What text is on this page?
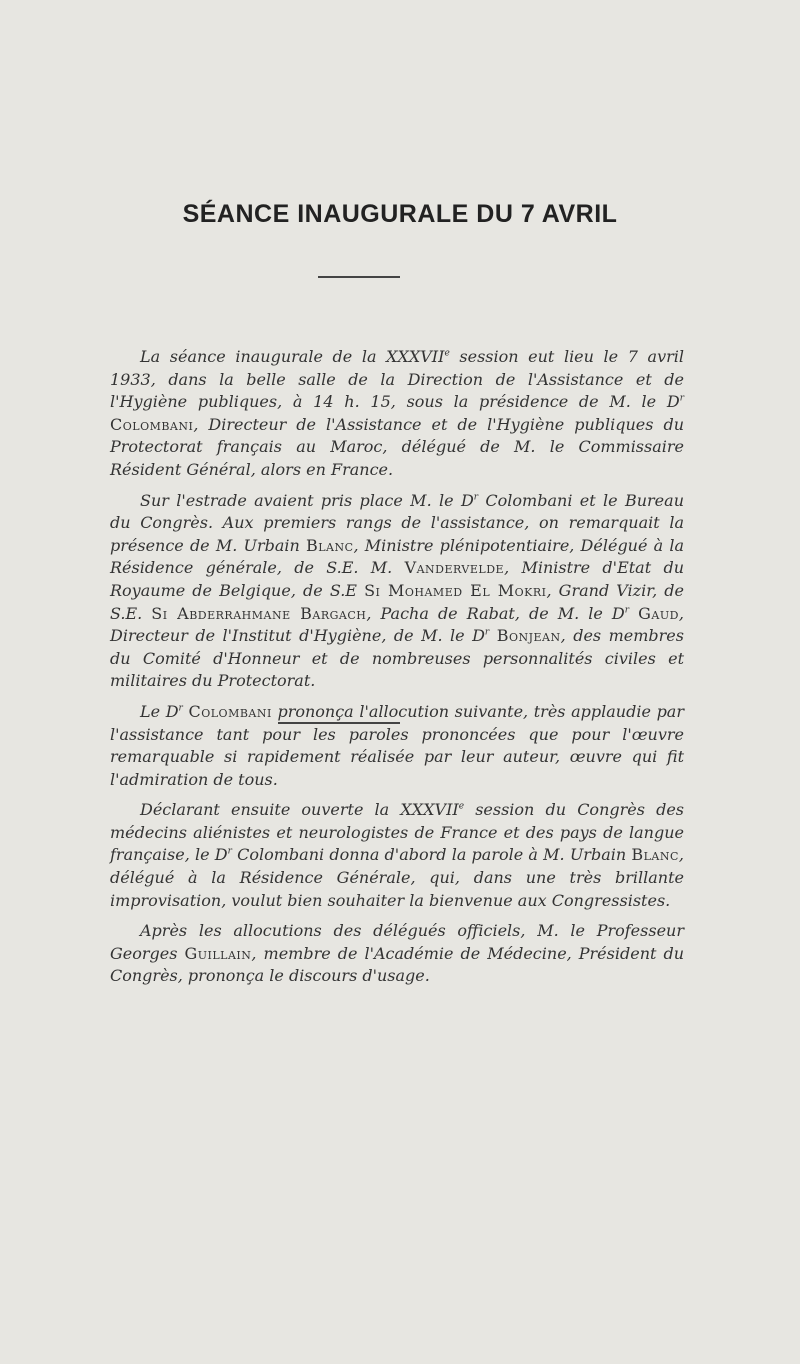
SÉANCE INAUGURALE DU 7 AVRIL

La séance inaugurale de la XXXVIIe session eut lieu le 7 avril 1933, dans la belle salle de la Direction de l'Assistance et de l'Hygiène publiques, à 14 h. 15, sous la présidence de M. le $D^r$ Colombani, Directeur de l'Assistance et de l'Hygiène publiques du Protectorat français au Maroc, délégué de M. le Commissaire Résident Général, alors en France.

Sur l'estrade avaient pris place M. le $D^r$ Colombani et le Bureau du Congrès. Aux premiers rangs de l'assistance, on remarquait la présence de M. Urbain Blanc, Ministre plénipotentiaire, Délégué à la Résidence générale, de S.E. M. Vandervelde, Ministre d'Etat du Royaume de Belgique, de S.E Si Mohamed El Mokri, Grand Vizir, de S.E. Si Abderrahmane Bargach, Pacha de Rabat, de M. le $D^r$ Gaud, Directeur de l'Institut d'Hygiène, de M. le $D^r$ Bonjean, des membres du Comité d'Honneur et de nombreuses personnalités civiles et militaires du Protectorat.

Le $D^r$ Colombani prononça l'allocution suivante, très applaudie par l'assistance tant pour les paroles prononcées que pour l'œuvre remarquable si rapidement réalisée par leur auteur, œuvre qui fit l'admiration de tous.

Déclarant ensuite ouverte la XXXVIIe session du Congrès des médecins aliénistes et neurologistes de France et des pays de langue française, le $D^r$ Colombani donna d'abord la parole à M. Urbain Blanc, délégué à la Résidence Générale, qui, dans une très brillante improvisation, voulut bien souhaiter la bienvenue aux Congressistes.

Après les allocutions des délégués officiels, M. le Professeur Georges Guillain, membre de l'Académie de Médecine, Président du Congrès, prononça le discours d'usage.
